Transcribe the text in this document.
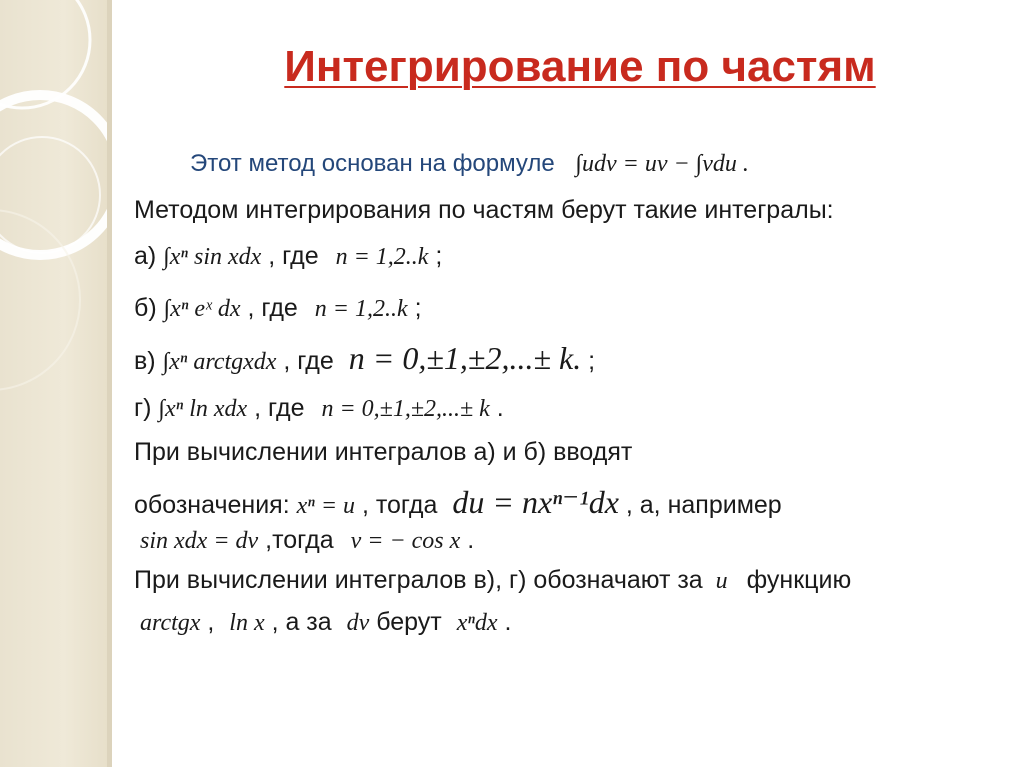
Интегрирование по частям
Этот метод основан на формуле ∫udv = uv − ∫vdu .
Методом интегрирования по частям берут такие интегралы:
а) ∫xⁿ sin xdx , где n = 1,2..k ;
б) ∫xⁿ eˣ dx , где n = 1,2..k ;
в) ∫xⁿ arctgxdx , где n = 0,±1,±2,...± k. ;
г) ∫xⁿ ln xdx , где n = 0,±1,±2,...± k .
При вычислении интегралов а) и б) вводят
обозначения: xⁿ = u , тогда du = nxⁿ⁻¹dx , а, например
sin xdx = dv ,тогда v = − cos x .
При вычислении интегралов в), г) обозначают за u функцию
arctgx , ln x , а за dv берут xⁿdx .
